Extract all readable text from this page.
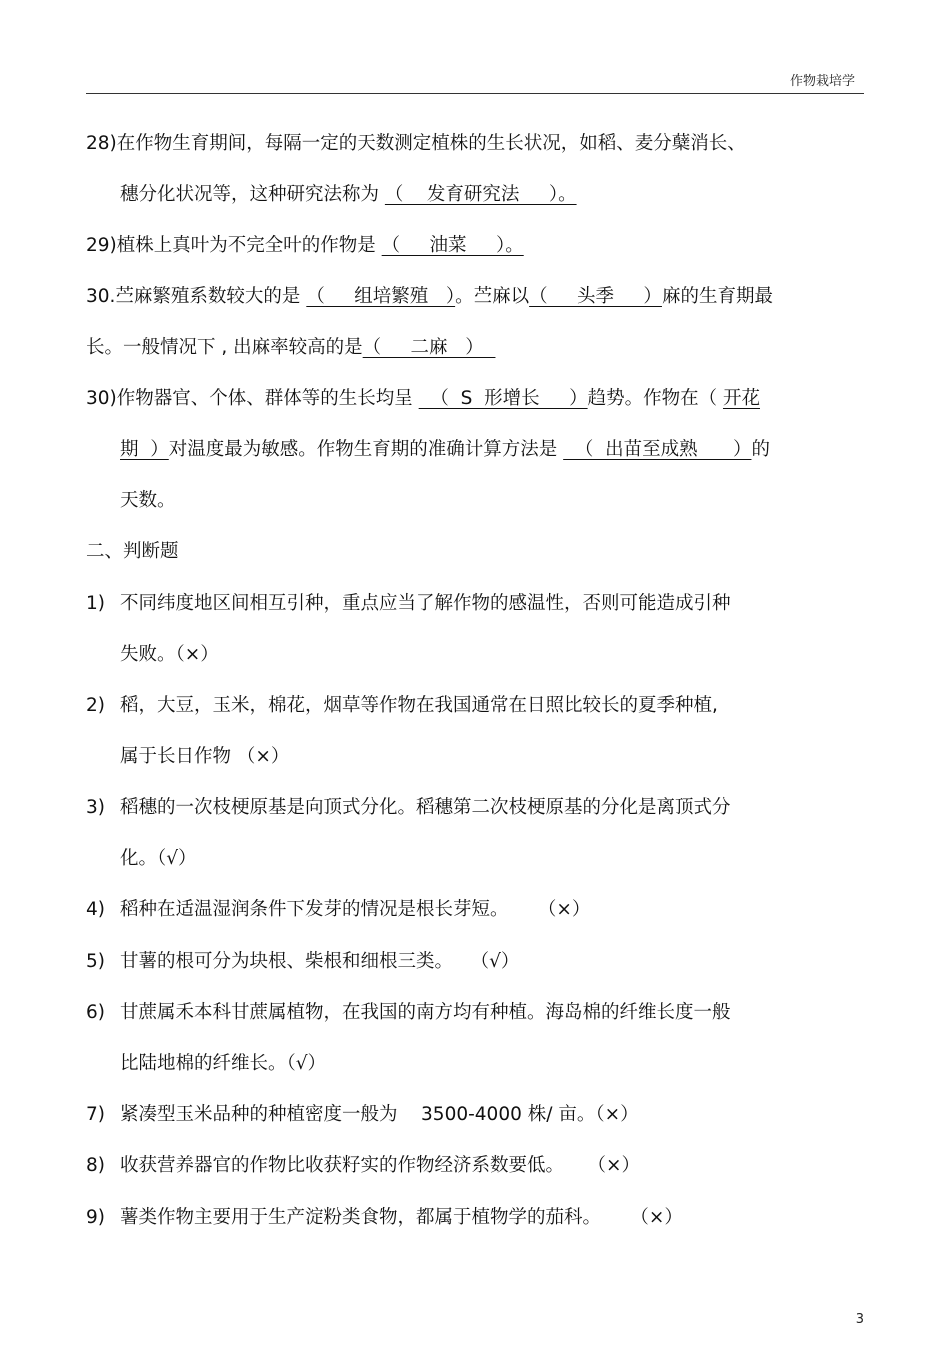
作物栽培学
28)在作物生育期间，每隔一定的天数测定植株的生长状况，如稻、麦分蘖消长、
穗分化状况等，这种研究法称为 （    发育研究法     ）。
29)植株上真叶为不完全叶的作物是 （     油菜     ）。
30.苎麻繁殖系数较大的是 （     组培繁殖   ）。苎麻以（     头季     ）麻的生育期最
长。一般情况下 , 出麻率较高的是（     二麻   ）
30)作物器官、个体、群体等的生长均呈   （  S  形增长     ）趋势。作物在（ 开花
期  ）对温度最为敏感。作物生育期的准确计算方法是   （  出苗至成熟      ）的
天数。
二、判断题
1) 不同纬度地区间相互引种，重点应当了解作物的感温性，否则可能造成引种
失败。（×）
2) 稻，大豆，玉米，棉花，烟草等作物在我国通常在日照比较长的夏季种植,
属于长日作物 （×）
3) 稻穗的一次枝梗原基是向顶式分化。稻穗第二次枝梗原基的分化是离顶式分
化。（√）
4) 稻种在适温湿润条件下发芽的情况是根长芽短。     （×）
5) 甘薯的根可分为块根、柴根和细根三类。   （√）
6) 甘蔗属禾本科甘蔗属植物，在我国的南方均有种植。海岛棉的纤维长度一般
比陆地棉的纤维长。（√）
7) 紧凑型玉米品种的种植密度一般为    3500-4000 株/ 亩。（×）
8) 收获营养器官的作物比收获籽实的作物经济系数要低。    （×）
9) 薯类作物主要用于生产淀粉类食物，都属于植物学的茄科。     （×）
3
